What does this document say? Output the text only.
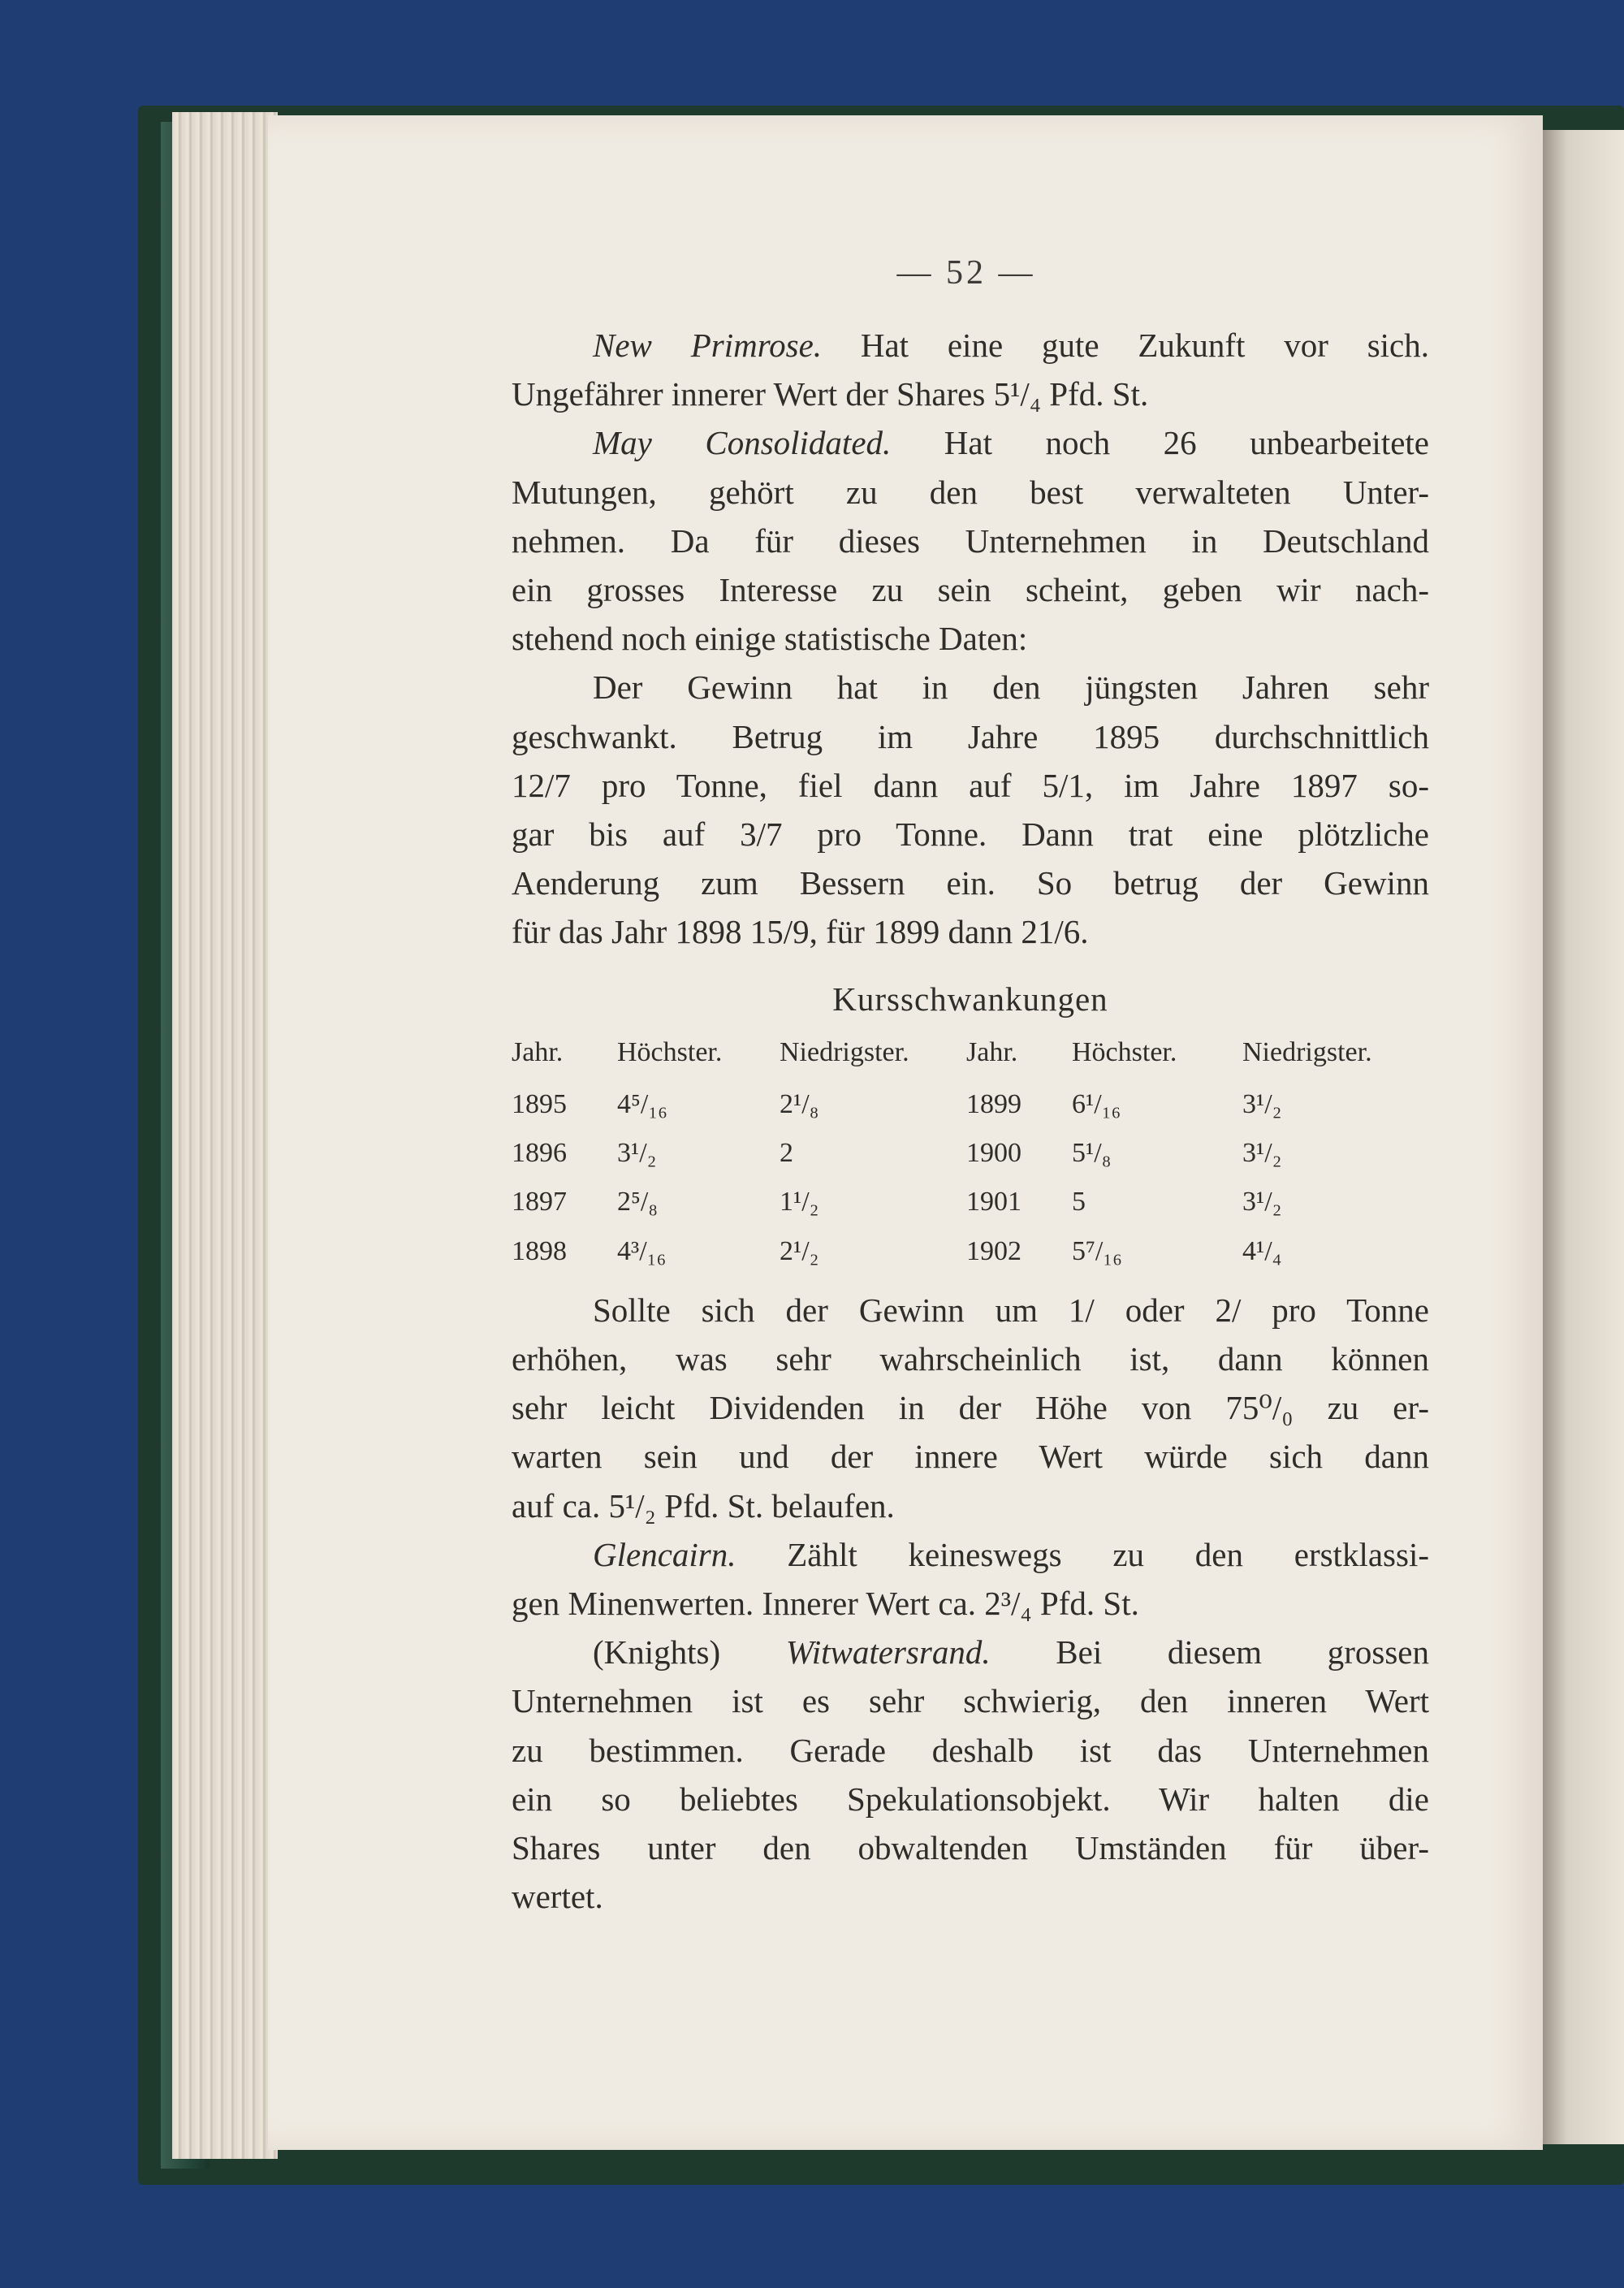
— 52 —
New Primrose. Hat eine gute Zukunft vor sich.
Ungefährer innerer Wert der Shares 5¹/₄ Pfd. St.
May Consolidated. Hat noch 26 unbearbeitete
Mutungen, gehört zu den best verwalteten Unter-
nehmen. Da für dieses Unternehmen in Deutschland
ein grosses Interesse zu sein scheint, geben wir nach-
stehend noch einige statistische Daten:
Der Gewinn hat in den jüngsten Jahren sehr
geschwankt. Betrug im Jahre 1895 durchschnittlich
12/7 pro Tonne, fiel dann auf 5/1, im Jahre 1897 so-
gar bis auf 3/7 pro Tonne. Dann trat eine plötzliche
Aenderung zum Bessern ein. So betrug der Gewinn
für das Jahr 1898 15/9, für 1899 dann 21/6.
Kursschwankungen
Jahr.	Höchster.	Niedrigster.	Jahr.	Höchster.	Niedrigster.
1895	4⁵/₁₆	2¹/₈	1899	6¹/₁₆	3¹/₂
1896	3¹/₂	2	1900	5¹/₈	3¹/₂
1897	2⁵/₈	1¹/₂	1901	5	3¹/₂
1898	4³/₁₆	2¹/₂	1902	5⁷/₁₆	4¹/₄
Sollte sich der Gewinn um 1/ oder 2/ pro Tonne
erhöhen, was sehr wahrscheinlich ist, dann können
sehr leicht Dividenden in der Höhe von 75⁰/₀ zu er-
warten sein und der innere Wert würde sich dann
auf ca. 5¹/₂ Pfd. St. belaufen.
Glencairn. Zählt keineswegs zu den erstklassi-
gen Minenwerten. Innerer Wert ca. 2³/₄ Pfd. St.
(Knights) Witwatersrand. Bei diesem grossen
Unternehmen ist es sehr schwierig, den inneren Wert
zu bestimmen. Gerade deshalb ist das Unternehmen
ein so beliebtes Spekulationsobjekt. Wir halten die
Shares unter den obwaltenden Umständen für über-
wertet.
